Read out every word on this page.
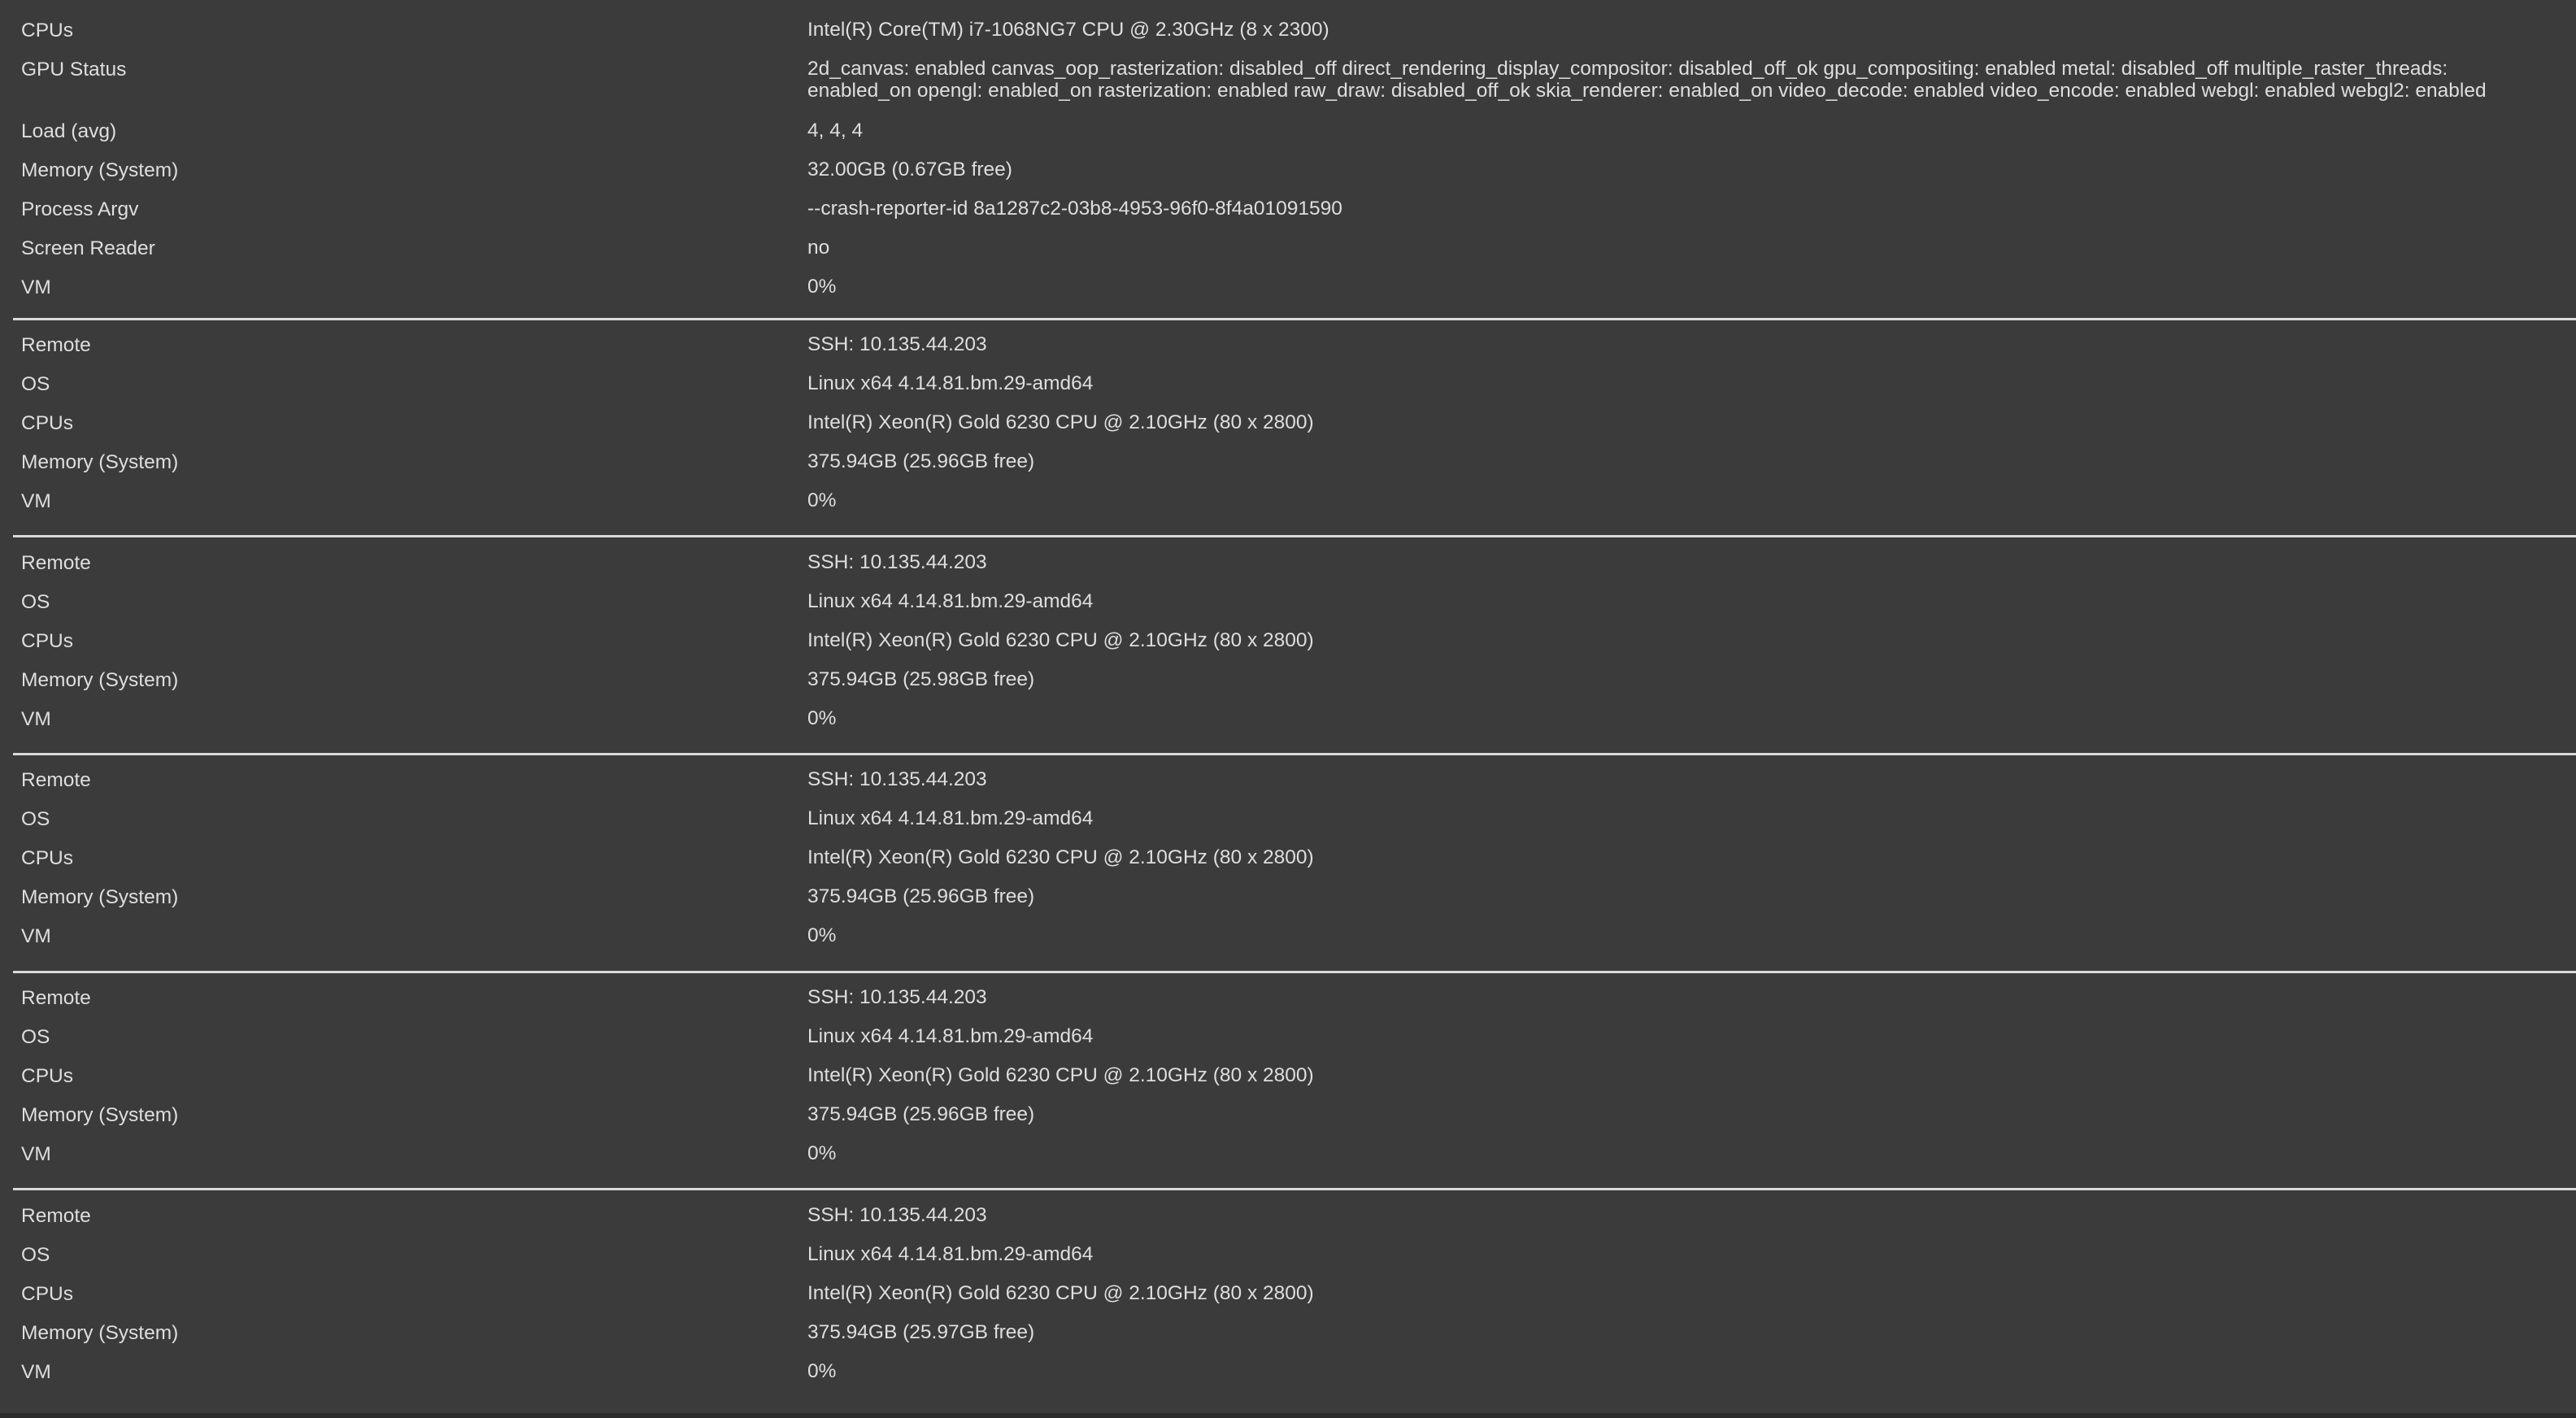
CPUs	Intel(R) Core(TM) i7-1068NG7 CPU @ 2.30GHz (8 x 2300)
GPU Status	2d_canvas: enabled canvas_oop_rasterization: disabled_off direct_rendering_display_compositor: disabled_off_ok gpu_compositing: enabled metal: disabled_off multiple_raster_threads: enabled_on opengl: enabled_on rasterization: enabled raw_draw: disabled_off_ok skia_renderer: enabled_on video_decode: enabled video_encode: enabled webgl: enabled webgl2: enabled
Load (avg)	4, 4, 4
Memory (System)	32.00GB (0.67GB free)
Process Argv	--crash-reporter-id 8a1287c2-03b8-4953-96f0-8f4a01091590
Screen Reader	no
VM	0%
Remote	SSH: 10.135.44.203
OS	Linux x64 4.14.81.bm.29-amd64
CPUs	Intel(R) Xeon(R) Gold 6230 CPU @ 2.10GHz (80 x 2800)
Memory (System)	375.94GB (25.96GB free)
VM	0%
Remote	SSH: 10.135.44.203
OS	Linux x64 4.14.81.bm.29-amd64
CPUs	Intel(R) Xeon(R) Gold 6230 CPU @ 2.10GHz (80 x 2800)
Memory (System)	375.94GB (25.98GB free)
VM	0%
Remote	SSH: 10.135.44.203
OS	Linux x64 4.14.81.bm.29-amd64
CPUs	Intel(R) Xeon(R) Gold 6230 CPU @ 2.10GHz (80 x 2800)
Memory (System)	375.94GB (25.96GB free)
VM	0%
Remote	SSH: 10.135.44.203
OS	Linux x64 4.14.81.bm.29-amd64
CPUs	Intel(R) Xeon(R) Gold 6230 CPU @ 2.10GHz (80 x 2800)
Memory (System)	375.94GB (25.96GB free)
VM	0%
Remote	SSH: 10.135.44.203
OS	Linux x64 4.14.81.bm.29-amd64
CPUs	Intel(R) Xeon(R) Gold 6230 CPU @ 2.10GHz (80 x 2800)
Memory (System)	375.94GB (25.97GB free)
VM	0%
